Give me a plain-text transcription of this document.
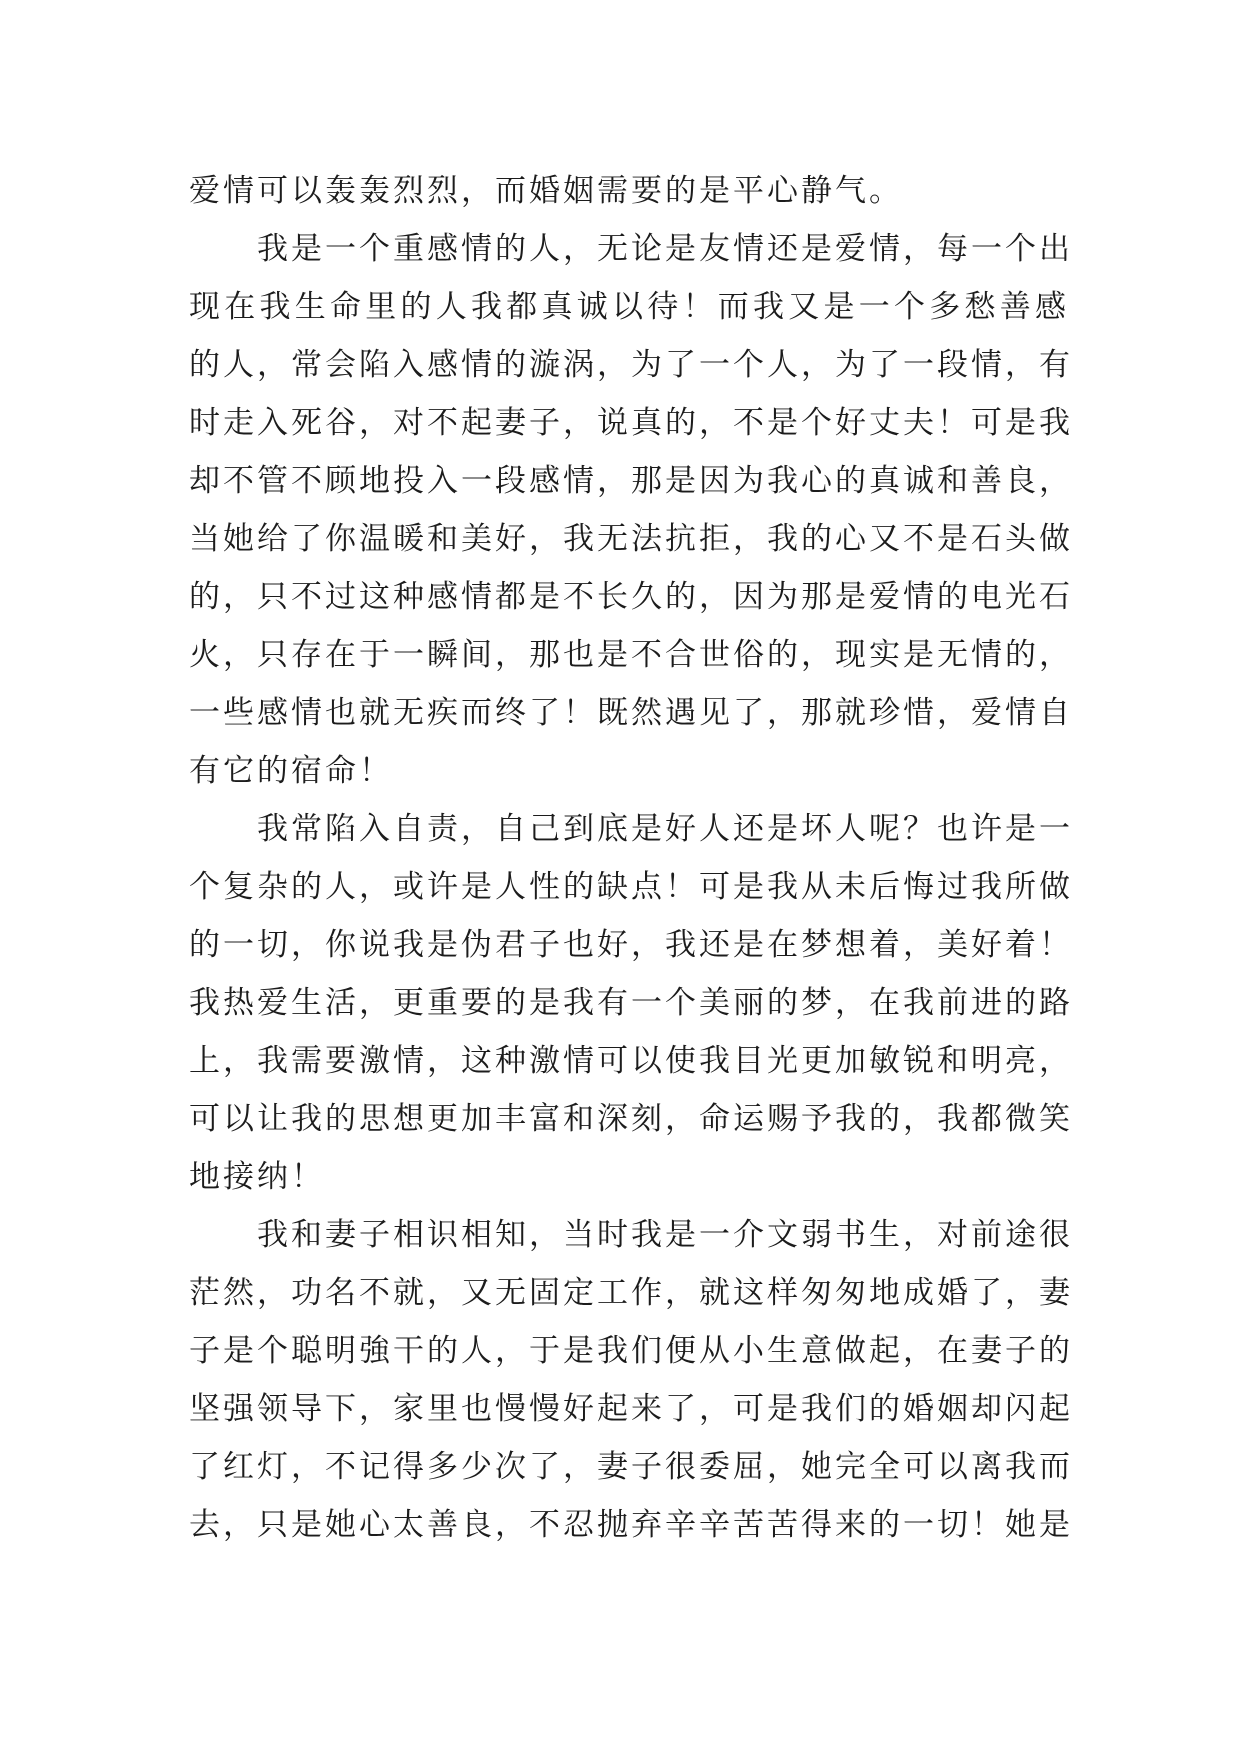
爱情可以轰轰烈烈，而婚姻需要的是平心静气。
我是一个重感情的人，无论是友情还是爱情，每一个出
现在我生命里的人我都真诚以待！而我又是一个多愁善感
的人，常会陷入感情的漩涡，为了一个人，为了一段情，有
时走入死谷，对不起妻子，说真的，不是个好丈夫！可是我
却不管不顾地投入一段感情，那是因为我心的真诚和善良，
当她给了你温暖和美好，我无法抗拒，我的心又不是石头做
的，只不过这种感情都是不长久的，因为那是爱情的电光石
火，只存在于一瞬间，那也是不合世俗的，现实是无情的，
一些感情也就无疾而终了！既然遇见了，那就珍惜，爱情自
有它的宿命！
我常陷入自责，自己到底是好人还是坏人呢？也许是一
个复杂的人，或许是人性的缺点！可是我从未后悔过我所做
的一切，你说我是伪君子也好，我还是在梦想着，美好着！
我热爱生活，更重要的是我有一个美丽的梦，在我前进的路
上，我需要激情，这种激情可以使我目光更加敏锐和明亮，
可以让我的思想更加丰富和深刻，命运赐予我的，我都微笑
地接纳！
我和妻子相识相知，当时我是一介文弱书生，对前途很
茫然，功名不就，又无固定工作，就这样匆匆地成婚了，妻
子是个聪明強干的人，于是我们便从小生意做起，在妻子的
坚强领导下，家里也慢慢好起来了，可是我们的婚姻却闪起
了红灯，不记得多少次了，妻子很委屈，她完全可以离我而
去，只是她心太善良，不忍抛弃辛辛苦苦得来的一切！她是
